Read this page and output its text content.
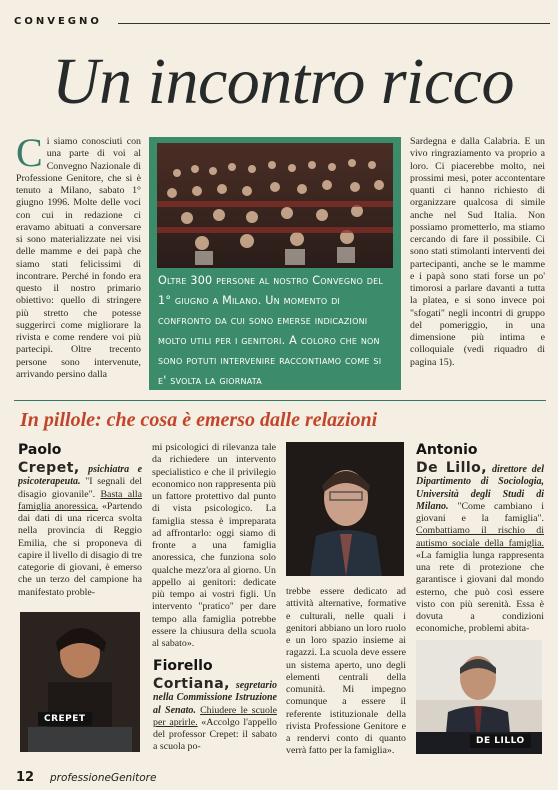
CONVEGNO
Un incontro ricco
Ci siamo conosciuti con una parte di voi al Convegno Nazionale di Professione Genitore, che si è tenuto a Milano, sabato 1° giugno 1996. Molte delle voci con cui in redazione ci eravamo abituati a conversare si sono materializzate nei visi delle mamme e dei papà che siamo stati felicissimi di incontrare. Perché in fondo era questo il nostro primario obiettivo: quello di stringere più stretto che potesse suggerirci come migliorare la rivista e come rendere voi più partecipi. Oltre trecento persone sono intervenute, arrivando persino dalla
Oltre 300 persone al nostro Convegno del 1° giugno a Milano. Un momento di confronto da cui sono emerse indicazioni molto utili per i genitori. A coloro che non sono potuti intervenire raccontiamo come si e' svolta la giornata
Sardegna e dalla Calabria. E un vivo ringraziamento va proprio a loro. Ci piacerebbe molto, nei prossimi mesi, poter accontentare quanti ci hanno richiesto di organizzare qualcosa di simile anche nel Sud Italia. Non possiamo prometterlo, ma stiamo cercando di fare il possibile. Ci sono stati stimolanti interventi dei partecipanti, anche se le mamme e i papà sono stati forse un po' timorosi a parlare davanti a tutta la platea, e si sono invece poi "sfogati" negli incontri di gruppo del pomeriggio, in una dimensione più intima e colloquiale (vedi riquadro di pagina 15).
In pillole: che cosa è emerso dalle relazioni
Paolo
Crepet, psichiatra e psicoterapeuta. "I segnali del disagio giovanile". Basta alla famiglia anoressica. «Partendo dai dati di una ricerca svolta nella provincia di Reggio Emilia, che si proponeva di capire il livello di disagio di tre categorie di giovani, è emerso che un terzo del campione ha manifestato proble-
CREPET
mi psicologici di rilevanza tale da richiedere un intervento specialistico e che il privilegio economico non rappresenta più un fattore protettivo dal punto di vista psicologico. La famiglia stessa è impreparata ad affrontarlo: oggi siamo di fronte a una famiglia anoressica, che funziona solo qualche mezz'ora al giorno. Un appello ai genitori: dedicate più tempo ai vostri figli. Un intervento "pratico" per dare tempo alla famiglia potrebbe essere la chiusura della scuola al sabato».
Fiorello
Cortiana, segretario nella Commissione Istruzione al Senato. Chiudere le scuole per aprirle. «Accolgo l'appello del professor Crepet: il sabato a scuola po-
trebbe essere dedicato ad attività alternative, formative e culturali, nelle quali i genitori abbiano un loro ruolo e un loro spazio insieme ai ragazzi. La scuola deve essere un sistema aperto, uno degli elementi centrali della comunità. Mi impegno comunque a essere il referente istituzionale della rivista Professione Genitore e a rendervi conto di quanto verrà fatto per la famiglia».
Antonio
De Lillo, direttore del Dipartimento di Sociologia, Università degli Studi di Milano. "Come cambiano i giovani e la famiglia". Combattiamo il rischio di autismo sociale della famiglia. «La famiglia lunga rappresenta una rete di protezione che garantisce i giovani dal mondo esterno, che può così essere visto con più serenità. Essa è dovuta a condizioni economiche, problemi abita-
DE LILLO
12 professioneGenitore
